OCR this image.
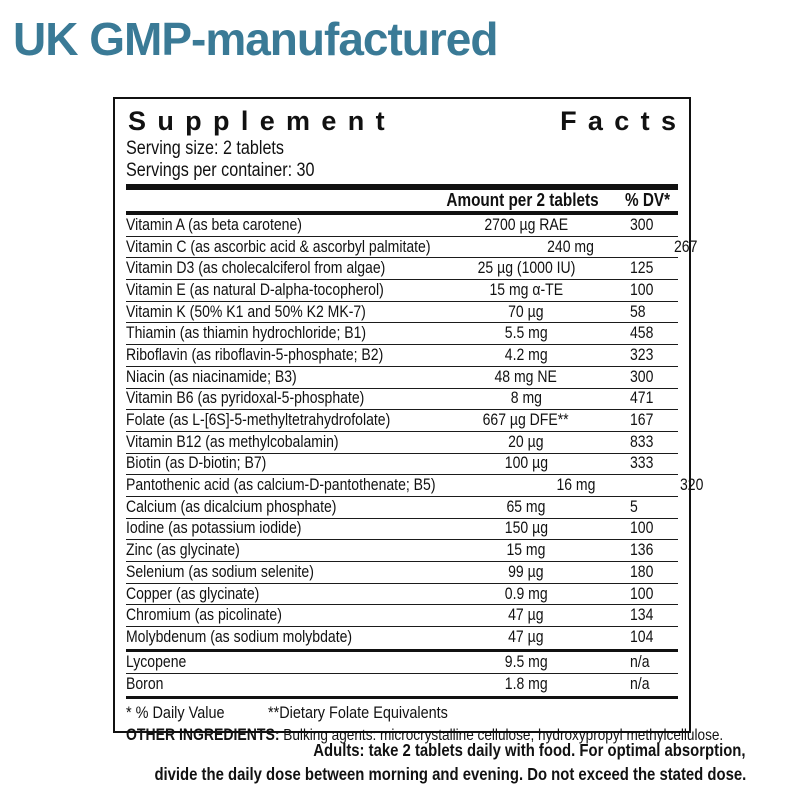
UK GMP-manufactured
Supplement	Facts
Serving size: 2 tablets
Servings per container: 30
Amount per 2 tablets	% DV*
Vitamin A (as beta carotene)	2700 µg RAE	300
Vitamin C (as ascorbic acid & ascorbyl palmitate)	240 mg	267
Vitamin D3 (as cholecalciferol from algae)	25 µg (1000 IU)	125
Vitamin E (as natural D-alpha-tocopherol)	15 mg α-TE	100
Vitamin K (50% K1 and 50% K2 MK-7)	70 µg	58
Thiamin (as thiamin hydrochloride; B1)	5.5 mg	458
Riboflavin (as riboflavin-5-phosphate; B2)	4.2 mg	323
Niacin (as niacinamide; B3)	48 mg NE	300
Vitamin B6 (as pyridoxal-5-phosphate)	8 mg	471
Folate (as L-[6S]-5-methyltetrahydrofolate)	667 µg DFE**	167
Vitamin B12 (as methylcobalamin)	20 µg	833
Biotin (as D-biotin; B7)	100 µg	333
Pantothenic acid (as calcium-D-pantothenate; B5)	16 mg	320
Calcium (as dicalcium phosphate)	65 mg	5
Iodine (as potassium iodide)	150 µg	100
Zinc (as glycinate)	15 mg	136
Selenium (as sodium selenite)	99 µg	180
Copper (as glycinate)	0.9 mg	100
Chromium (as picolinate)	47 µg	134
Molybdenum (as sodium molybdate)	47 µg	104
Lycopene	9.5 mg	n/a
Boron	1.8 mg	n/a
* % Daily Value	**Dietary Folate Equivalents
OTHER INGREDIENTS: Bulking agents: microcrystalline cellulose, hydroxypropyl methylcellulose.
Adults: take 2 tablets daily with food. For optimal absorption,
divide the daily dose between morning and evening. Do not exceed the stated dose.
